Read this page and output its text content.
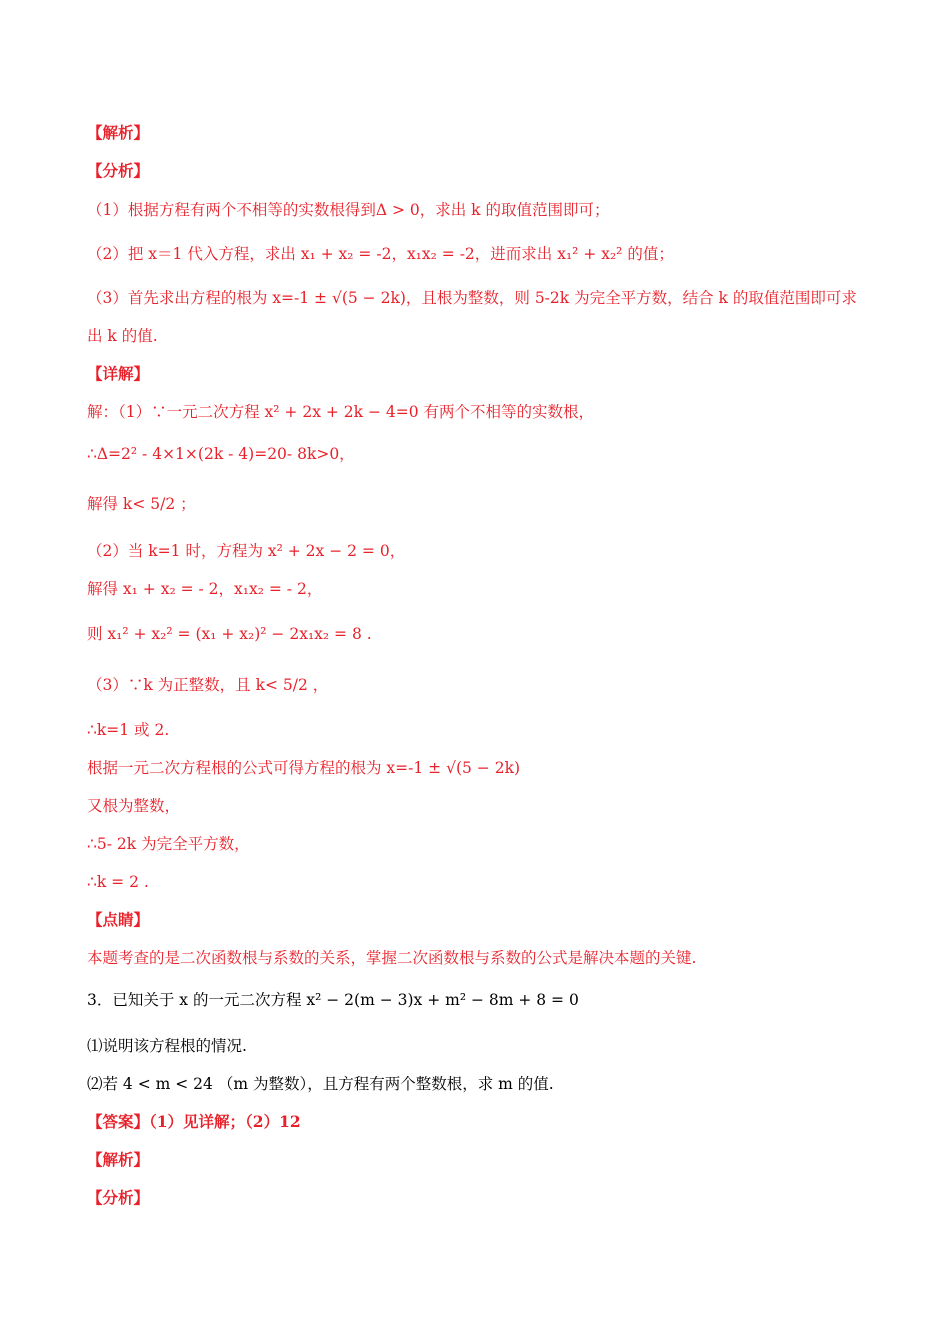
【解析】
【分析】
（1）根据方程有两个不相等的实数根得到Δ > 0，求出 k 的取值范围即可；
（2）把 x＝1 代入方程，求出 x₁ + x₂ = -2，x₁x₂ = -2，进而求出 x₁² + x₂² 的值；
（3）首先求出方程的根为 x=-1 ± √(5 − 2k)，且根为整数，则 5-2k 为完全平方数，结合 k 的取值范围即可求
出 k 的值.
【详解】
解：（1）∵一元二次方程 x² + 2x + 2k − 4=0 有两个不相等的实数根，
∴Δ=2² - 4×1×(2k - 4)=20- 8k>0，
解得 k< 5/2 ；
（2）当 k=1 时，方程为 x² + 2x − 2 = 0，
解得 x₁ + x₂ = - 2，x₁x₂ = - 2，
则 x₁² + x₂² = (x₁ + x₂)² − 2x₁x₂ = 8 .
（3）∵k 为正整数，且 k< 5/2 ，
∴k=1 或 2.
根据一元二次方程根的公式可得方程的根为 x=-1 ± √(5 − 2k)
又根为整数，
∴5- 2k 为完全平方数，
∴k = 2 .
【点睛】
本题考查的是二次函数根与系数的关系，掌握二次函数根与系数的公式是解决本题的关键.
3．已知关于 x 的一元二次方程 x² − 2(m − 3)x + m² − 8m + 8 = 0
⑴说明该方程根的情况.
⑵若 4 < m < 24 （m 为整数），且方程有两个整数根，求 m 的值.
【答案】（1）见详解；（2）12
【解析】
【分析】
